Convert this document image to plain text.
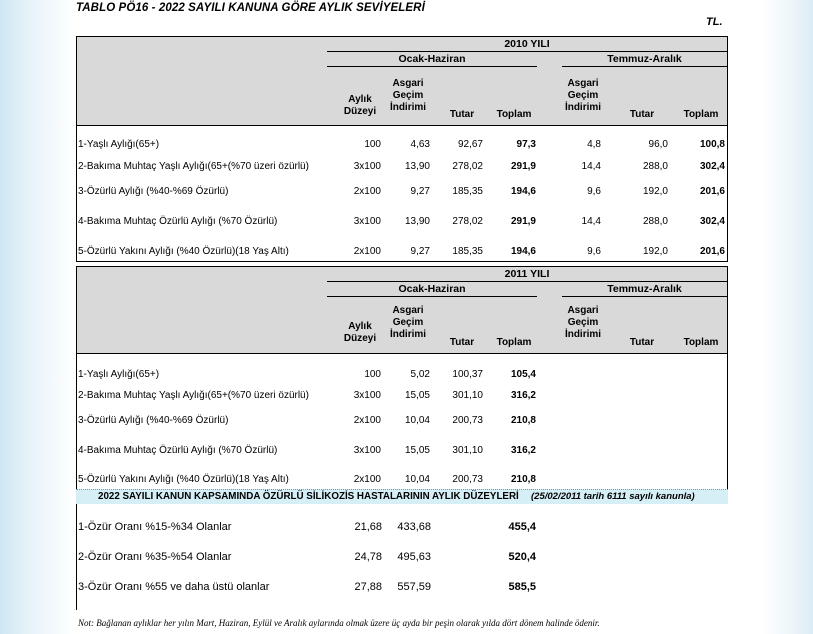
TABLO PÖ16 - 2022 SAYILI KANUNA GÖRE AYLIK SEVİYELERİ
TL.
2010 YILI
Ocak-Haziran	Temmuz-Aralık
Aylık
Düzeyi
Asgari
Geçim
İndirimi
Tutar	Toplam
Asgari
Geçim
İndirimi
Tutar	Toplam
1-Yaşlı Aylığı(65+)	100	4,63	92,67	97,3	4,8	96,0	100,8
2-Bakıma Muhtaç Yaşlı Aylığı(65+(%70 üzeri özürlü)	3x100	13,90	278,02	291,9	14,4	288,0	302,4
3-Özürlü Aylığı (%40-%69 Özürlü)	2x100	9,27	185,35	194,6	9,6	192,0	201,6
4-Bakıma Muhtaç Özürlü Aylığı (%70 Özürlü)	3x100	13,90	278,02	291,9	14,4	288,0	302,4
5-Özürlü Yakını Aylığı (%40 Özürlü)(18 Yaş Altı)	2x100	9,27	185,35	194,6	9,6	192,0	201,6
2011 YILI
Ocak-Haziran	Temmuz-Aralık
Aylık
Düzeyi
Asgari
Geçim
İndirimi
Tutar	Toplam
Asgari
Geçim
İndirimi
Tutar	Toplam
1-Yaşlı Aylığı(65+)	100	5,02	100,37	105,4
2-Bakıma Muhtaç Yaşlı Aylığı(65+(%70 üzeri özürlü)	3x100	15,05	301,10	316,2
3-Özürlü Aylığı (%40-%69 Özürlü)	2x100	10,04	200,73	210,8
4-Bakıma Muhtaç Özürlü Aylığı (%70 Özürlü)	3x100	15,05	301,10	316,2
5-Özürlü Yakını Aylığı (%40 Özürlü)(18 Yaş Altı)	2x100	10,04	200,73	210,8
2022 SAYILI KANUN KAPSAMINDA ÖZÜRLÜ SİLİKOZİS HASTALARININ AYLIK DÜZEYLERİ (25/02/2011 tarih 6111 sayılı kanunla)
1-Özür Oranı %15-%34 Olanlar	21,68	433,68	455,4
2-Özür Oranı %35-%54 Olanlar	24,78	495,63	520,4
3-Özür Oranı %55 ve daha üstü olanlar	27,88	557,59	585,5
Not: Bağlanan aylıklar her yılın Mart, Haziran, Eylül ve Aralık aylarında olmak üzere üç ayda bir peşin olarak yılda dört dönem halinde ödenir.
